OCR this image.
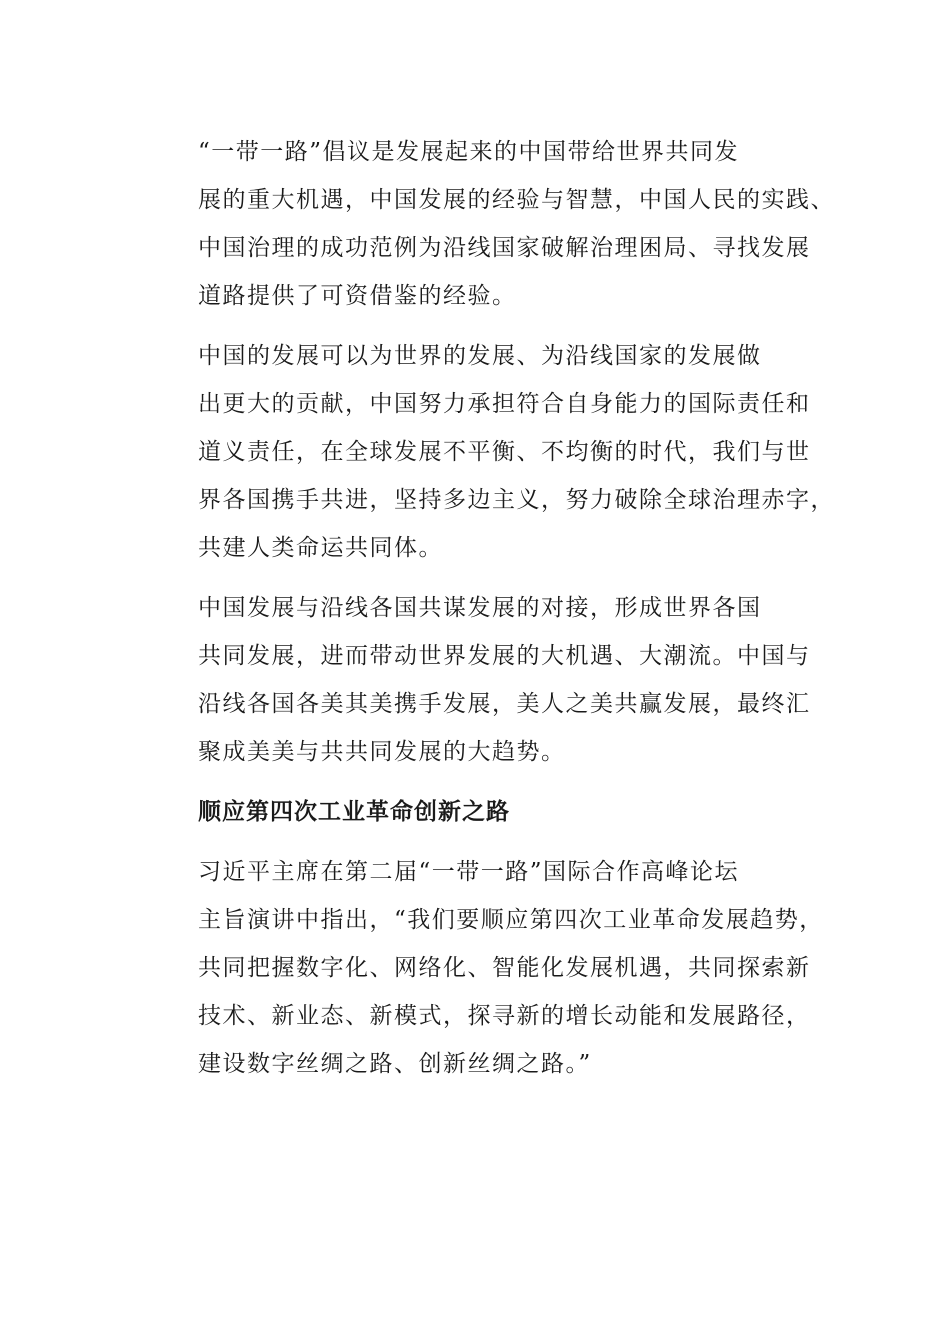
“一带一路”倡议是发展起来的中国带给世界共同发
展的重大机遇，中国发展的经验与智慧，中国人民的实践、
中国治理的成功范例为沿线国家破解治理困局、寻找发展
道路提供了可资借鉴的经验。

中国的发展可以为世界的发展、为沿线国家的发展做
出更大的贡献，中国努力承担符合自身能力的国际责任和
道义责任，在全球发展不平衡、不均衡的时代，我们与世
界各国携手共进，坚持多边主义，努力破除全球治理赤字，
共建人类命运共同体。

中国发展与沿线各国共谋发展的对接，形成世界各国
共同发展，进而带动世界发展的大机遇、大潮流。中国与
沿线各国各美其美携手发展，美人之美共赢发展，最终汇
聚成美美与共共同发展的大趋势。

顺应第四次工业革命创新之路

习近平主席在第二届“一带一路”国际合作高峰论坛
主旨演讲中指出，“我们要顺应第四次工业革命发展趋势，
共同把握数字化、网络化、智能化发展机遇，共同探索新
技术、新业态、新模式，探寻新的增长动能和发展路径，
建设数字丝绸之路、创新丝绸之路。”
